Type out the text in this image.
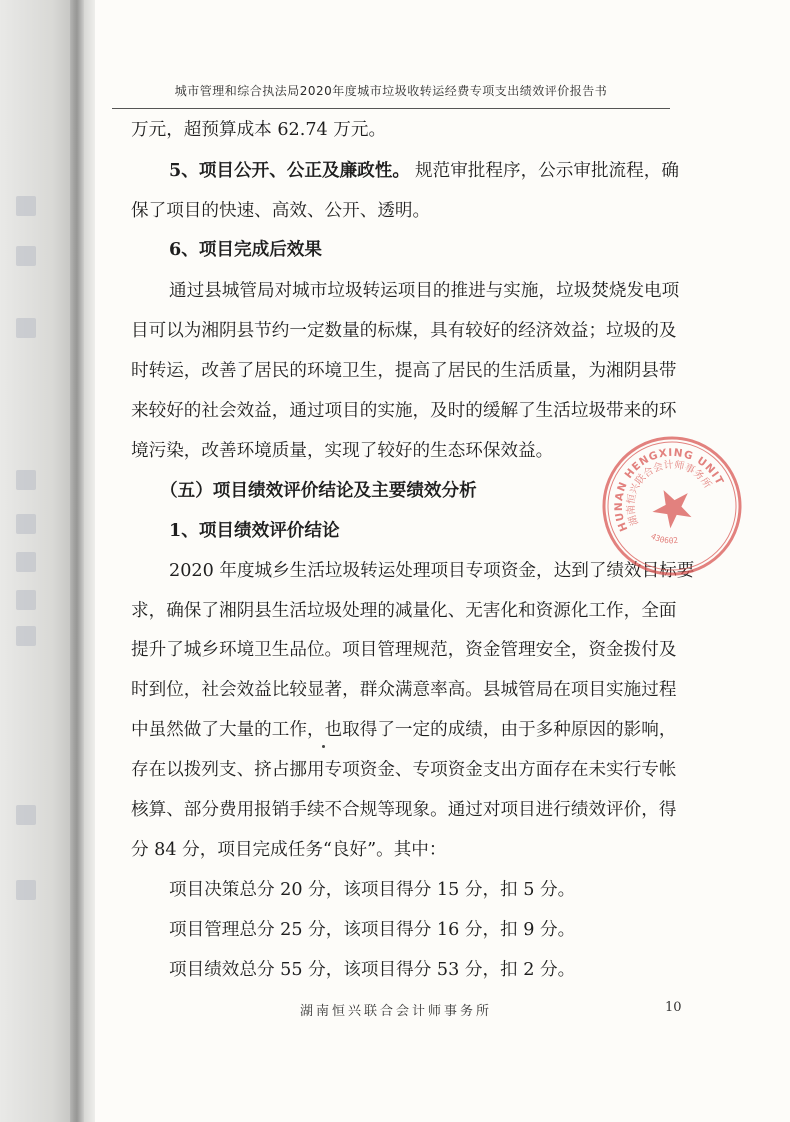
城市管理和综合执法局2020年度城市垃圾收转运经费专项支出绩效评价报告书
万元，超预算成本 62.74 万元。
5、项目公开、公正及廉政性。 规范审批程序，公示审批流程，确
保了项目的快速、高效、公开、透明。
6、项目完成后效果
通过县城管局对城市垃圾转运项目的推进与实施，垃圾焚烧发电项
目可以为湘阴县节约一定数量的标煤，具有较好的经济效益；垃圾的及
时转运，改善了居民的环境卫生，提高了居民的生活质量，为湘阴县带
来较好的社会效益，通过项目的实施，及时的缓解了生活垃圾带来的环
境污染，改善环境质量，实现了较好的生态环保效益。
（五）项目绩效评价结论及主要绩效分析
1、项目绩效评价结论
2020 年度城乡生活垃圾转运处理项目专项资金，达到了绩效目标要
求，确保了湘阴县生活垃圾处理的减量化、无害化和资源化工作，全面
提升了城乡环境卫生品位。项目管理规范，资金管理安全，资金拨付及
时到位，社会效益比较显著，群众满意率高。县城管局在项目实施过程
中虽然做了大量的工作，也取得了一定的成绩，由于多种原因的影响，
存在以拨列支、挤占挪用专项资金、专项资金支出方面存在未实行专帐
核算、部分费用报销手续不合规等现象。通过对项目进行绩效评价，得
分 84 分，项目完成任务“良好”。其中：
项目决策总分 20 分，该项目得分 15 分，扣 5 分。
项目管理总分 25 分，该项目得分 16 分，扣 9 分。
项目绩效总分 55 分，该项目得分 53 分，扣 2 分。
HUNAN HENGXING UNITED
湖南恒兴联合会计师事务所
430602
湖南恒兴联合会计师事务所	10
